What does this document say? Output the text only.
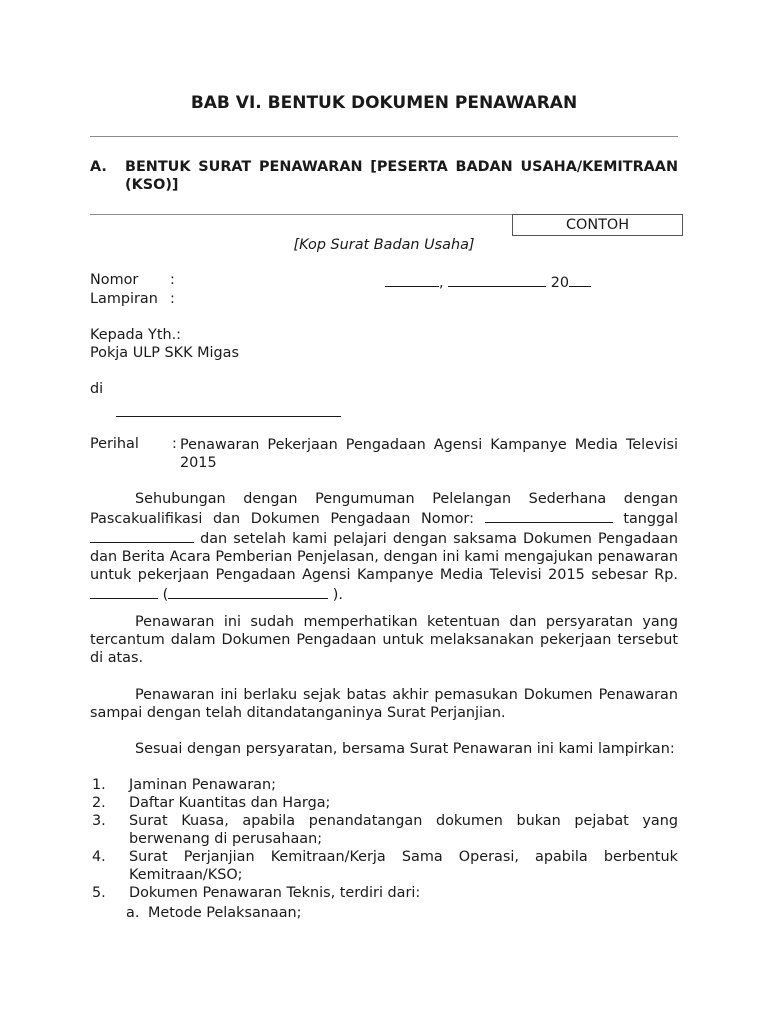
BAB VI. BENTUK DOKUMEN PENAWARAN
A. BENTUK SURAT PENAWARAN [PESERTA BADAN USAHA/KEMITRAAN (KSO)]
CONTOH
[Kop Surat Badan Usaha]
Nomor :	,	20
Lampiran :
Kepada Yth.:
Pokja ULP SKK Migas
di
Perihal : Penawaran Pekerjaan Pengadaan Agensi Kampanye Media Televisi 2015

Sehubungan dengan Pengumuman Pelelangan Sederhana dengan Pascakualifikasi dan Dokumen Pengadaan Nomor:	tanggal  dan setelah kami pelajari dengan saksama Dokumen Pengadaan dan Berita Acara Pemberian Penjelasan, dengan ini kami mengajukan penawaran untuk pekerjaan Pengadaan Agensi Kampanye Media Televisi 2015 sebesar Rp.  (	).

Penawaran ini sudah memperhatikan ketentuan dan persyaratan yang tercantum dalam Dokumen Pengadaan untuk melaksanakan pekerjaan tersebut di atas.

Penawaran ini berlaku sejak batas akhir pemasukan Dokumen Penawaran sampai dengan telah ditandatanganinya Surat Perjanjian.

Sesuai dengan persyaratan, bersama Surat Penawaran ini kami lampirkan:

1. Jaminan Penawaran;
2. Daftar Kuantitas dan Harga;
3. Surat Kuasa, apabila penandatangan dokumen bukan pejabat yang berwenang di perusahaan;
4. Surat Perjanjian Kemitraan/Kerja Sama Operasi, apabila berbentuk Kemitraan/KSO;
5. Dokumen Penawaran Teknis, terdiri dari:
a. Metode Pelaksanaan;
